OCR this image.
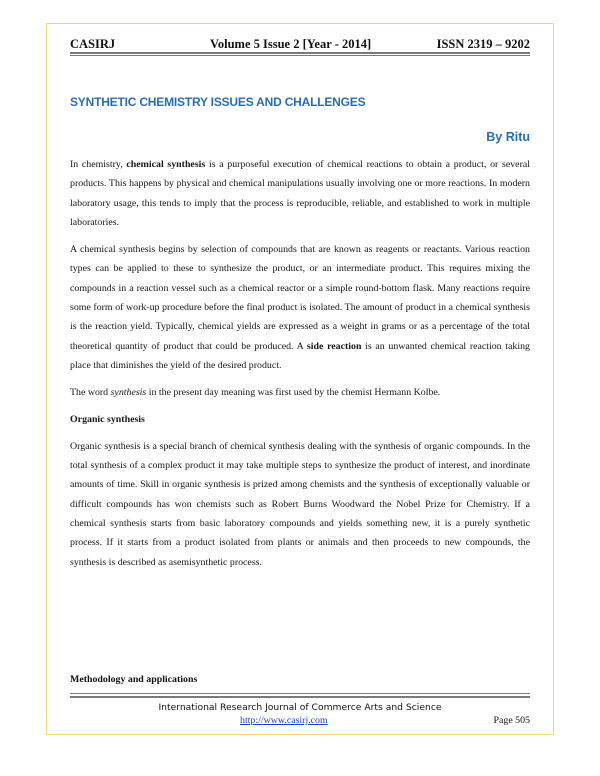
CASIRJ	Volume 5 Issue 2 [Year - 2014]	ISSN 2319 – 9202
SYNTHETIC CHEMISTRY ISSUES AND CHALLENGES
By Ritu

In chemistry, chemical synthesis is a purposeful execution of chemical reactions to obtain a product, or several products. This happens by physical and chemical manipulations usually involving one or more reactions. In modern laboratory usage, this tends to imply that the process is reproducible, reliable, and established to work in multiple laboratories.

A chemical synthesis begins by selection of compounds that are known as reagents or reactants. Various reaction types can be applied to these to synthesize the product, or an intermediate product. This requires mixing the compounds in a reaction vessel such as a chemical reactor or a simple round-bottom flask. Many reactions require some form of work-up procedure before the final product is isolated. The amount of product in a chemical synthesis is the reaction yield. Typically, chemical yields are expressed as a weight in grams or as a percentage of the total theoretical quantity of product that could be produced. A side reaction is an unwanted chemical reaction taking place that diminishes the yield of the desired product.

The word synthesis in the present day meaning was first used by the chemist Hermann Kolbe.

Organic synthesis

Organic synthesis is a special branch of chemical synthesis dealing with the synthesis of organic compounds. In the total synthesis of a complex product it may take multiple steps to synthesize the product of interest, and inordinate amounts of time. Skill in organic synthesis is prized among chemists and the synthesis of exceptionally valuable or difficult compounds has won chemists such as Robert Burns Woodward the Nobel Prize for Chemistry. If a chemical synthesis starts from basic laboratory compounds and yields something new, it is a purely synthetic process. If it starts from a product isolated from plants or animals and then proceeds to new compounds, the synthesis is described as asemisynthetic process.

Methodology and applications
International Research Journal of Commerce Arts and Science
http://www.casirj.com	Page 505
